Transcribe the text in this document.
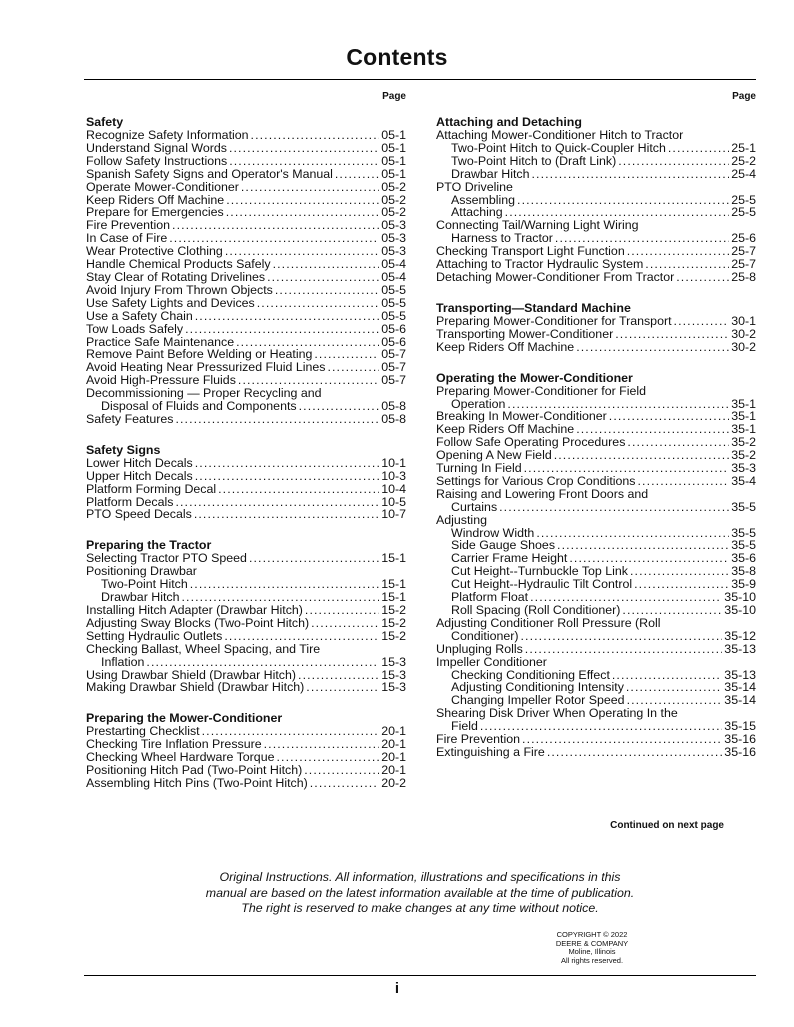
Contents
Page
Safety
Recognize Safety Information .....	05-1
Understand Signal Words .....	05-1
Follow Safety Instructions .....	05-1
Spanish Safety Signs and Operator's Manual .....	05-1
Operate Mower-Conditioner .....	05-2
Keep Riders Off Machine .....	05-2
Prepare for Emergencies .....	05-2
Fire Prevention .....	05-3
In Case of Fire .....	05-3
Wear Protective Clothing .....	05-3
Handle Chemical Products Safely .....	05-4
Stay Clear of Rotating Drivelines .....	05-4
Avoid Injury From Thrown Objects .....	05-5
Use Safety Lights and Devices .....	05-5
Use a Safety Chain .....	05-5
Tow Loads Safely .....	05-6
Practice Safe Maintenance .....	05-6
Remove Paint Before Welding or Heating .....	05-7
Avoid Heating Near Pressurized Fluid Lines .....	05-7
Avoid High-Pressure Fluids .....	05-7
Decommissioning — Proper Recycling and
Disposal of Fluids and Components .....	05-8
Safety Features .....	05-8
Safety Signs
Lower Hitch Decals .....	10-1
Upper Hitch Decals .....	10-3
Platform Forming Decal .....	10-4
Platform Decals .....	10-5
PTO Speed Decals .....	10-7
Preparing the Tractor
Selecting Tractor PTO Speed .....	15-1
Positioning Drawbar
Two-Point Hitch .....	15-1
Drawbar Hitch .....	15-1
Installing Hitch Adapter (Drawbar Hitch) .....	15-2
Adjusting Sway Blocks (Two-Point Hitch) .....	15-2
Setting Hydraulic Outlets .....	15-2
Checking Ballast, Wheel Spacing, and Tire
Inflation .....	15-3
Using Drawbar Shield (Drawbar Hitch) .....	15-3
Making Drawbar Shield (Drawbar Hitch) .....	15-3
Preparing the Mower-Conditioner
Prestarting Checklist .....	20-1
Checking Tire Inflation Pressure .....	20-1
Checking Wheel Hardware Torque .....	20-1
Positioning Hitch Pad (Two-Point Hitch) .....	20-1
Assembling Hitch Pins (Two-Point Hitch) .....	20-2
Page
Attaching and Detaching
Attaching Mower-Conditioner Hitch to Tractor
Two-Point Hitch to Quick-Coupler Hitch .....	25-1
Two-Point Hitch to (Draft Link) .....	25-2
Drawbar Hitch .....	25-4
PTO Driveline
Assembling .....	25-5
Attaching .....	25-5
Connecting Tail/Warning Light Wiring
Harness to Tractor .....	25-6
Checking Transport Light Function .....	25-7
Attaching to Tractor Hydraulic System .....	25-7
Detaching Mower-Conditioner From Tractor .....	25-8
Transporting—Standard Machine
Preparing Mower-Conditioner for Transport .....	30-1
Transporting Mower-Conditioner .....	30-2
Keep Riders Off Machine .....	30-2
Operating the Mower-Conditioner
Preparing Mower-Conditioner for Field
Operation .....	35-1
Breaking In Mower-Conditioner .....	35-1
Keep Riders Off Machine .....	35-1
Follow Safe Operating Procedures .....	35-2
Opening A New Field .....	35-2
Turning In Field .....	35-3
Settings for Various Crop Conditions .....	35-4
Raising and Lowering Front Doors and
Curtains .....	35-5
Adjusting
Windrow Width .....	35-5
Side Gauge Shoes .....	35-5
Carrier Frame Height .....	35-6
Cut Height--Turnbuckle Top Link .....	35-8
Cut Height--Hydraulic Tilt Control .....	35-9
Platform Float .....	35-10
Roll Spacing (Roll Conditioner) .....	35-10
Adjusting Conditioner Roll Pressure (Roll
Conditioner) .....	35-12
Unpluging Rolls .....	35-13
Impeller Conditioner
Checking Conditioning Effect .....	35-13
Adjusting Conditioning Intensity .....	35-14
Changing Impeller Rotor Speed .....	35-14
Shearing Disk Driver When Operating In the
Field .....	35-15
Fire Prevention .....	35-16
Extinguishing a Fire .....	35-16
Continued on next page
Original Instructions. All information, illustrations and specifications in this
manual are based on the latest information available at the time of publication.
The right is reserved to make changes at any time without notice.
COPYRIGHT © 2022
DEERE & COMPANY
Moline, Illinois
All rights reserved.
i
